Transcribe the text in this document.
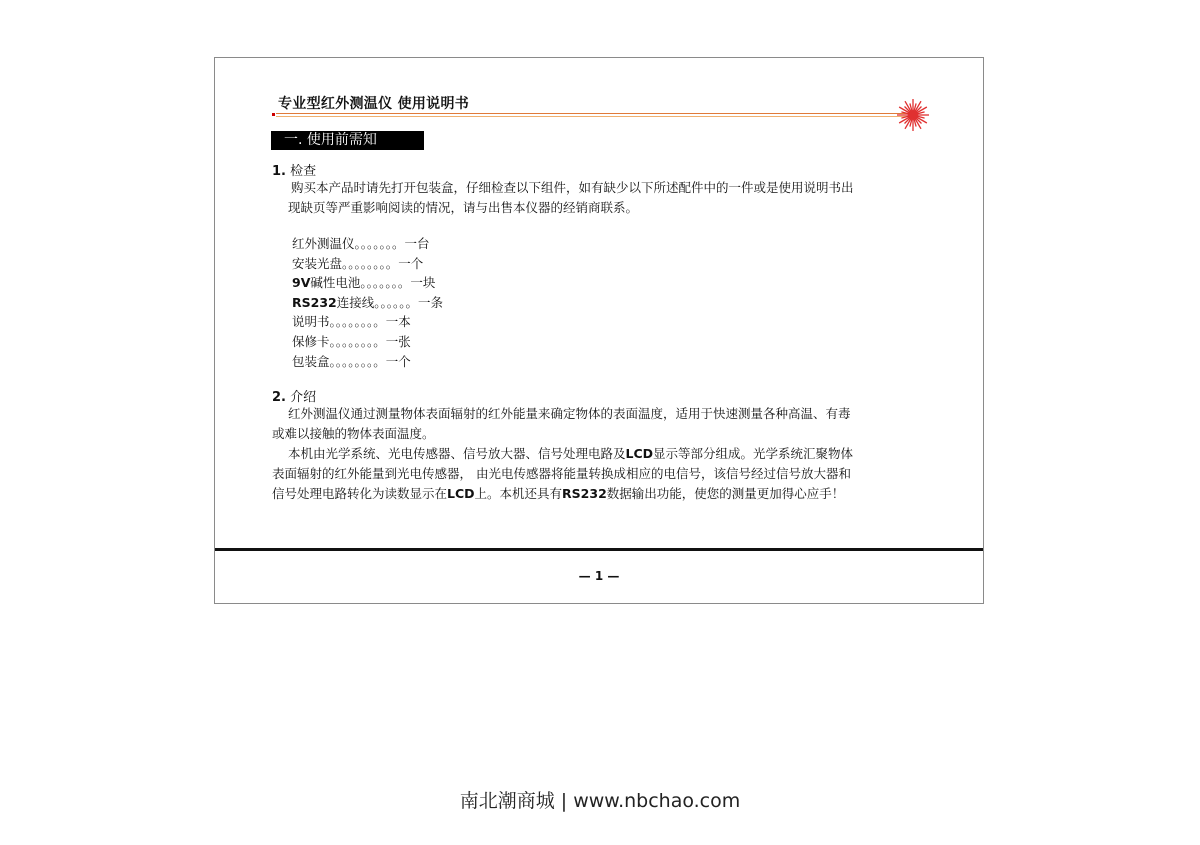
专业型红外测温仪 使用说明书
一. 使用前需知
1. 检查
购买本产品时请先打开包装盒，仔细检查以下组件，如有缺少以下所述配件中的一件或是使用说明书出
现缺页等严重影响阅读的情况，请与出售本仪器的经销商联系。
红外测温仪。。。。。。。一台
安装光盘。。。。。。。。一个
9V碱性电池。。。。。。。一块
RS232连接线。。。。。。一条
说明书。。。。。。。。一本
保修卡。。。。。。。。一张
包装盒。。。。。。。。一个
2. 介绍
红外测温仪通过测量物体表面辐射的红外能量来确定物体的表面温度，适用于快速测量各种高温、有毒
或难以接触的物体表面温度。
本机由光学系统、光电传感器、信号放大器、信号处理电路及LCD显示等部分组成。光学系统汇聚物体
表面辐射的红外能量到光电传感器， 由光电传感器将能量转换成相应的电信号，该信号经过信号放大器和
信号处理电路转化为读数显示在LCD上。本机还具有RS232数据输出功能，使您的测量更加得心应手！
— 1 —
南北潮商城 | www.nbchao.com
